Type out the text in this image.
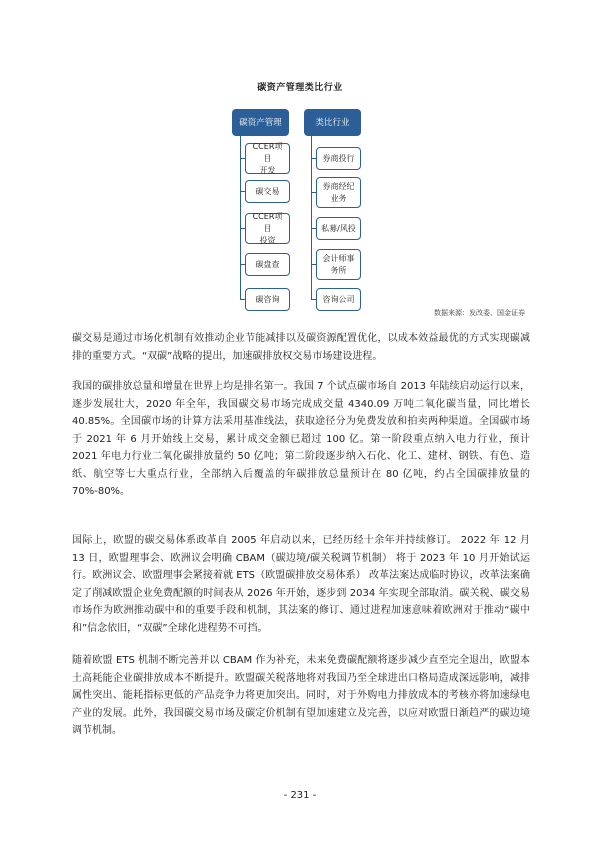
碳资产管理类比行业
碳资产管理
CCER项目
开发
碳交易
CCER项目
投资
碳盘查
碳咨询
类比行业
券商投行
券商经纪
业务
私募/风投
会计师事
务所
咨询公司
数据来源：发改委、国金证券
碳交易是通过市场化机制有效推动企业节能减排以及碳资源配置优化，以成本效益最优的方式实现碳减排的重要方式。“双碳”战略的提出，加速碳排放权交易市场建设进程。
我国的碳排放总量和增量在世界上均是排名第一。我国 7 个试点碳市场自 2013 年陆续启动运行以来，逐步发展壮大，2020 年全年，我国碳交易市场完成成交量 4340.09 万吨二氧化碳当量，同比增长 40.85%。全国碳市场的计算方法采用基准线法，获取途径分为免费发放和拍卖两种渠道。全国碳市场于 2021 年 6 月开始线上交易，累计成交金额已超过 100 亿。第一阶段重点纳入电力行业，预计 2021 年电力行业二氧化碳排放量约 50 亿吨；第二阶段逐步纳入石化、化工、建材、钢铁、有色、造纸、航空等七大重点行业，全部纳入后覆盖的年碳排放总量预计在 80 亿吨，约占全国碳排放量的 70%-80%。
国际上，欧盟的碳交易体系政革自 2005 年启动以来，已经历经十余年并持续修订。 2022 年 12 月 13 日，欧盟理事会、欧洲议会明确 CBAM（碳边境/碳关税调节机制） 将于 2023 年 10 月开始试运行。欧洲议会、欧盟理事会紧接着就 ETS（欧盟碳排放交易体系） 改革法案达成临时协议，改革法案确定了削减欧盟企业免费配额的时间表从 2026 年开始，逐步到 2034 年实现全部取消。碳关税、碳交易市场作为欧洲推动碳中和的重要手段和机制，其法案的修订、通过进程加速意味着欧洲对于推动“碳中和”信念依旧，“双碳”全球化进程势不可挡。
随着欧盟 ETS 机制不断完善并以 CBAM 作为补充，未来免费碳配额将逐步减少直至完全退出，欧盟本土高耗能企业碳排放成本不断提升。欧盟碳关税落地将对我国乃至全球进出口格局造成深远影响，减排属性突出、能耗指标更低的产品竞争力将更加突出。同时，对于外购电力排放成本的考核亦将加速绿电产业的发展。此外，我国碳交易市场及碳定价机制有望加速建立及完善，以应对欧盟日渐趋严的碳边境调节机制。
- 231 -
